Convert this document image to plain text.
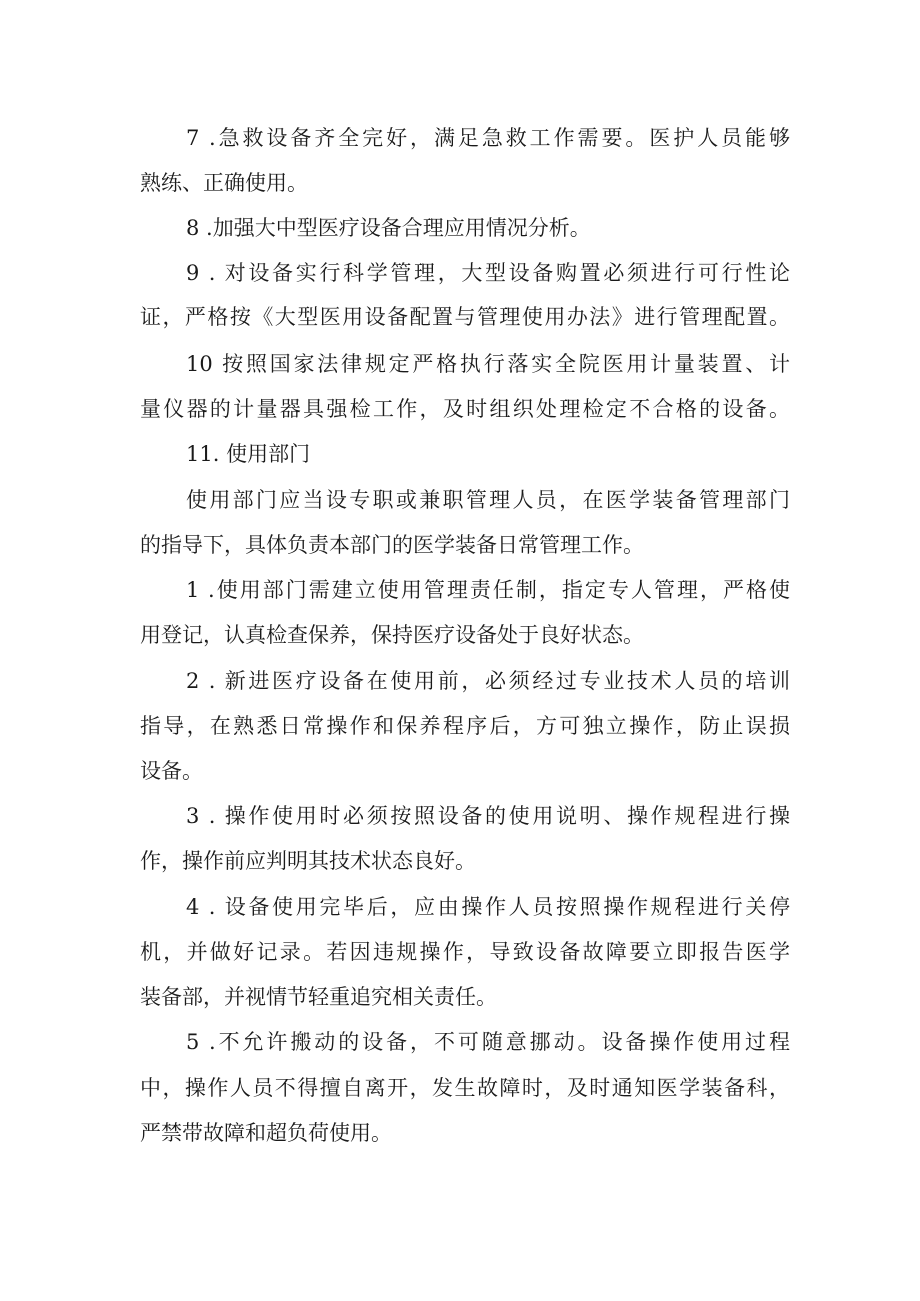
7 .急救设备齐全完好，满足急救工作需要。医护人员能够

熟练、正确使用。

8 .加强大中型医疗设备合理应用情况分析。

9 . 对设备实行科学管理，大型设备购置必须进行可行性论

证，严格按《大型医用设备配置与管理使用办法》进行管理配置。

10 按照国家法律规定严格执行落实全院医用计量装置、计

量仪器的计量器具强检工作，及时组织处理检定不合格的设备。

11. 使用部门

使用部门应当设专职或兼职管理人员，在医学装备管理部门

的指导下，具体负责本部门的医学装备日常管理工作。

1 .使用部门需建立使用管理责任制，指定专人管理，严格使

用登记，认真检查保养，保持医疗设备处于良好状态。

2 . 新进医疗设备在使用前，必须经过专业技术人员的培训

指导，在熟悉日常操作和保养程序后，方可独立操作，防止误损

设备。

3 . 操作使用时必须按照设备的使用说明、操作规程进行操

作，操作前应判明其技术状态良好。

4 . 设备使用完毕后，应由操作人员按照操作规程进行关停

机，并做好记录。若因违规操作，导致设备故障要立即报告医学

装备部，并视情节轻重追究相关责任。

5 .不允许搬动的设备，不可随意挪动。设备操作使用过程

中，操作人员不得擅自离开，发生故障时，及时通知医学装备科，

严禁带故障和超负荷使用。
